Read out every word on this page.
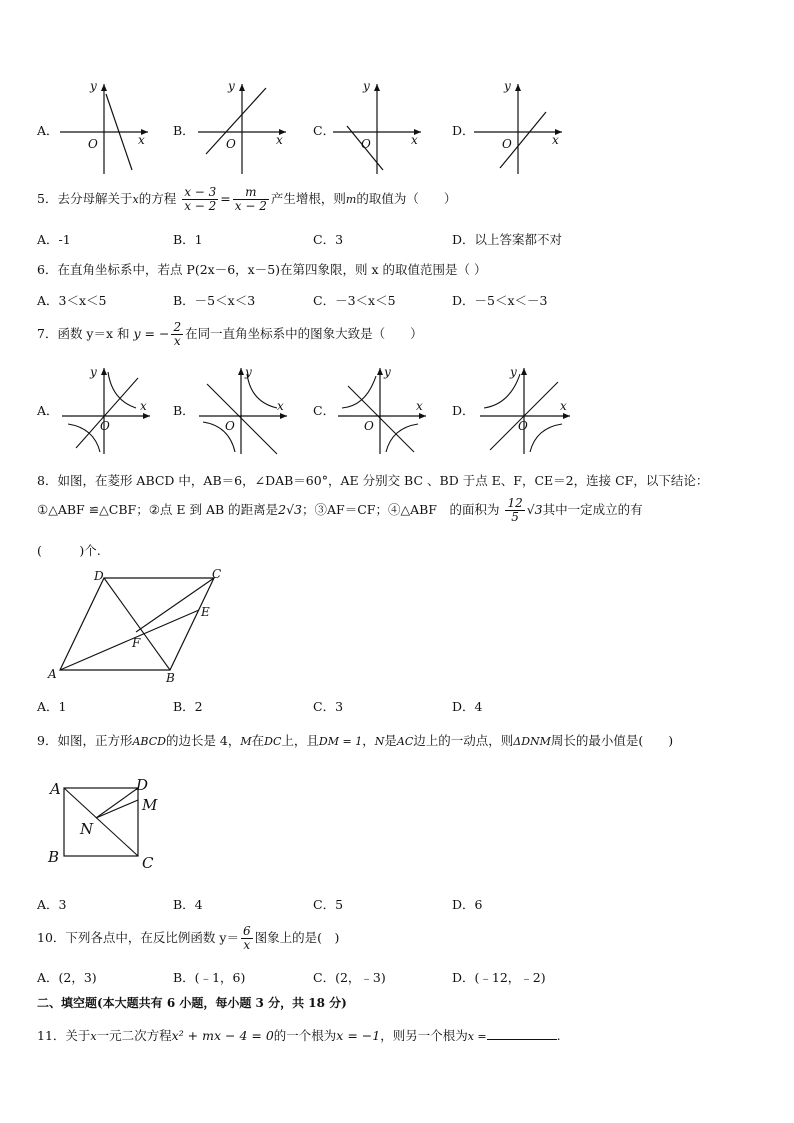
A．
x
y
O
B．
x
y
O
C．
x
y
O
D．
x
y
O
5．去分母解关于x的方程 $\frac{x - 3}{x - 2} = \frac{m}{x - 2}$ 产生增根，则m的取值为（　　）
A．-1	B．1	C．3	D．以上答案都不对
6．在直角坐标系中，若点 P(2x－6，x－5)在第四象限，则 x 的取值范围是（ ）
A．3＜x＜5	B．－5＜x＜3	C．－3＜x＜5	D．－5＜x＜－3
7．函数 y＝x 和 y = − $\frac{2}{x}$ 在同一直角坐标系中的图象大致是（　　）
A．	x
y
O
B．	x
y
O
C．	x
y
O
D．	x
y
O
8．如图，在菱形 ABCD 中，AB＝6，∠DAB＝60°，AE 分别交 BC 、BD 于点 E、F，CE＝2，连接 CF，以下结论：
①△ABF ≌△CBF；②点 E 到 AB 的距离是2√3；③AF＝CF；④△ABF　的面积为 $\frac{12}{5} √3$其中一定成立的有
(　　　)个.
A	B
C
D
E
F
A．1	B．2	C．3	D．4
9．如图，正方形ABCD的边长是 4，M在DC上，且DM = 1，N是AC边上的一动点，则ΔDNM周长的最小值是(　　)
A
B	C
D
M
N
A．3	B．4	C．5	D．6
10．下列各点中，在反比例函数 $y= \frac{6}{x}$ 图象上的是(　)
A．(2，3)	B．(﹣1，6)	C．(2，﹣3)	D．(﹣12，﹣2)
二、填空题(本大题共有 6 小题，每小题 3 分，共 18 分)
11．关于x一元二次方程x² + mx − 4 = 0的一个根为x = −1，则另一个根为x =	.
